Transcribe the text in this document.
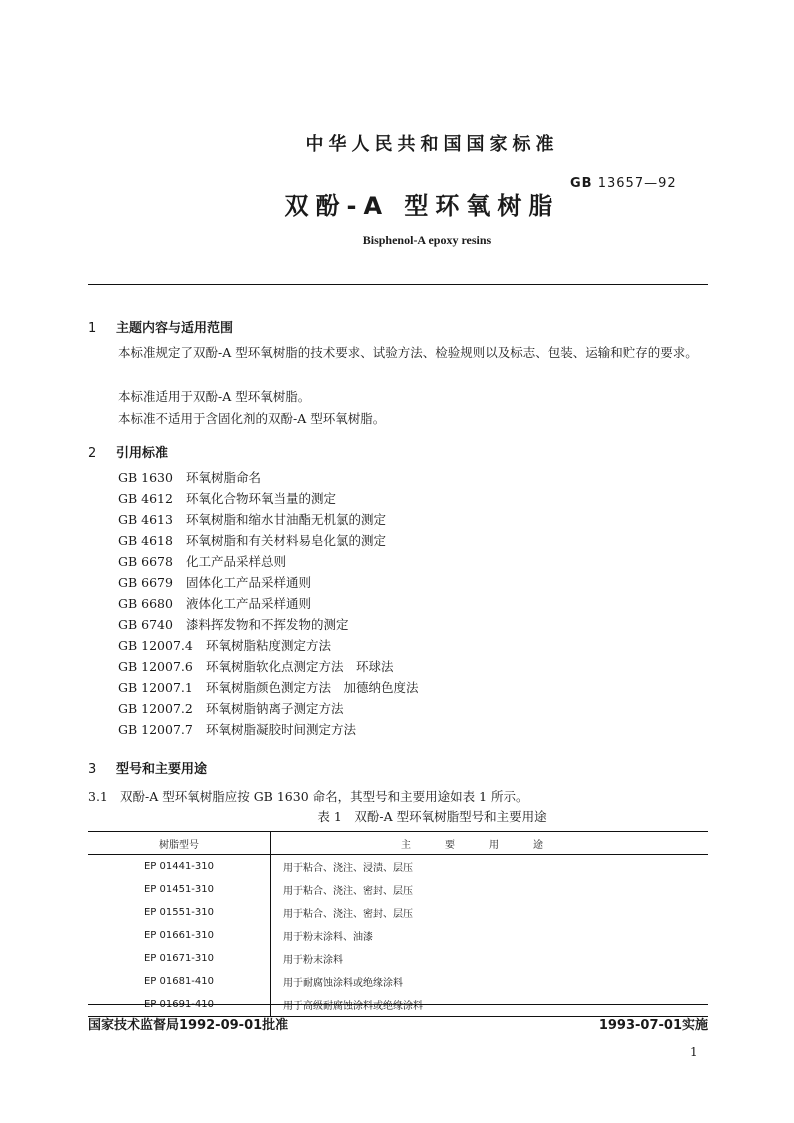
中华人民共和国国家标准
GB 13657—92
双酚-A 型环氧树脂
Bisphenol-A epoxy resins
1 主题内容与适用范围
本标准规定了双酚-A 型环氧树脂的技术要求、试验方法、检验规则以及标志、包装、运输和贮存的要求。
本标准适用于双酚-A 型环氧树脂。
本标准不适用于含固化剂的双酚-A 型环氧树脂。
2 引用标准
GB 1630 环氧树脂命名
GB 4612 环氧化合物环氧当量的测定
GB 4613 环氧树脂和缩水甘油酯无机氯的测定
GB 4618 环氧树脂和有关材料易皂化氯的测定
GB 6678 化工产品采样总则
GB 6679 固体化工产品采样通则
GB 6680 液体化工产品采样通则
GB 6740 漆料挥发物和不挥发物的测定
GB 12007.4 环氧树脂粘度测定方法
GB 12007.6 环氧树脂软化点测定方法　环球法
GB 12007.1 环氧树脂颜色测定方法　加德纳色度法
GB 12007.2 环氧树脂钠离子测定方法
GB 12007.7 环氧树脂凝胶时间测定方法
3 型号和主要用途
3.1 双酚-A 型环氧树脂应按 GB 1630 命名，其型号和主要用途如表 1 所示。
表 1　双酚-A 型环氧树脂型号和主要用途
树脂型号	主要用途
EP 01441-310	用于粘合、浇注、浸渍、层压
EP 01451-310	用于粘合、浇注、密封、层压
EP 01551-310	用于粘合、浇注、密封、层压
EP 01661-310	用于粉末涂料、油漆
EP 01671-310	用于粉末涂料
EP 01681-410	用于耐腐蚀涂料或绝缘涂料
EP 01691-410	用于高级耐腐蚀涂料或绝缘涂料
国家技术监督局1992-09-01批准	1993-07-01实施
1
